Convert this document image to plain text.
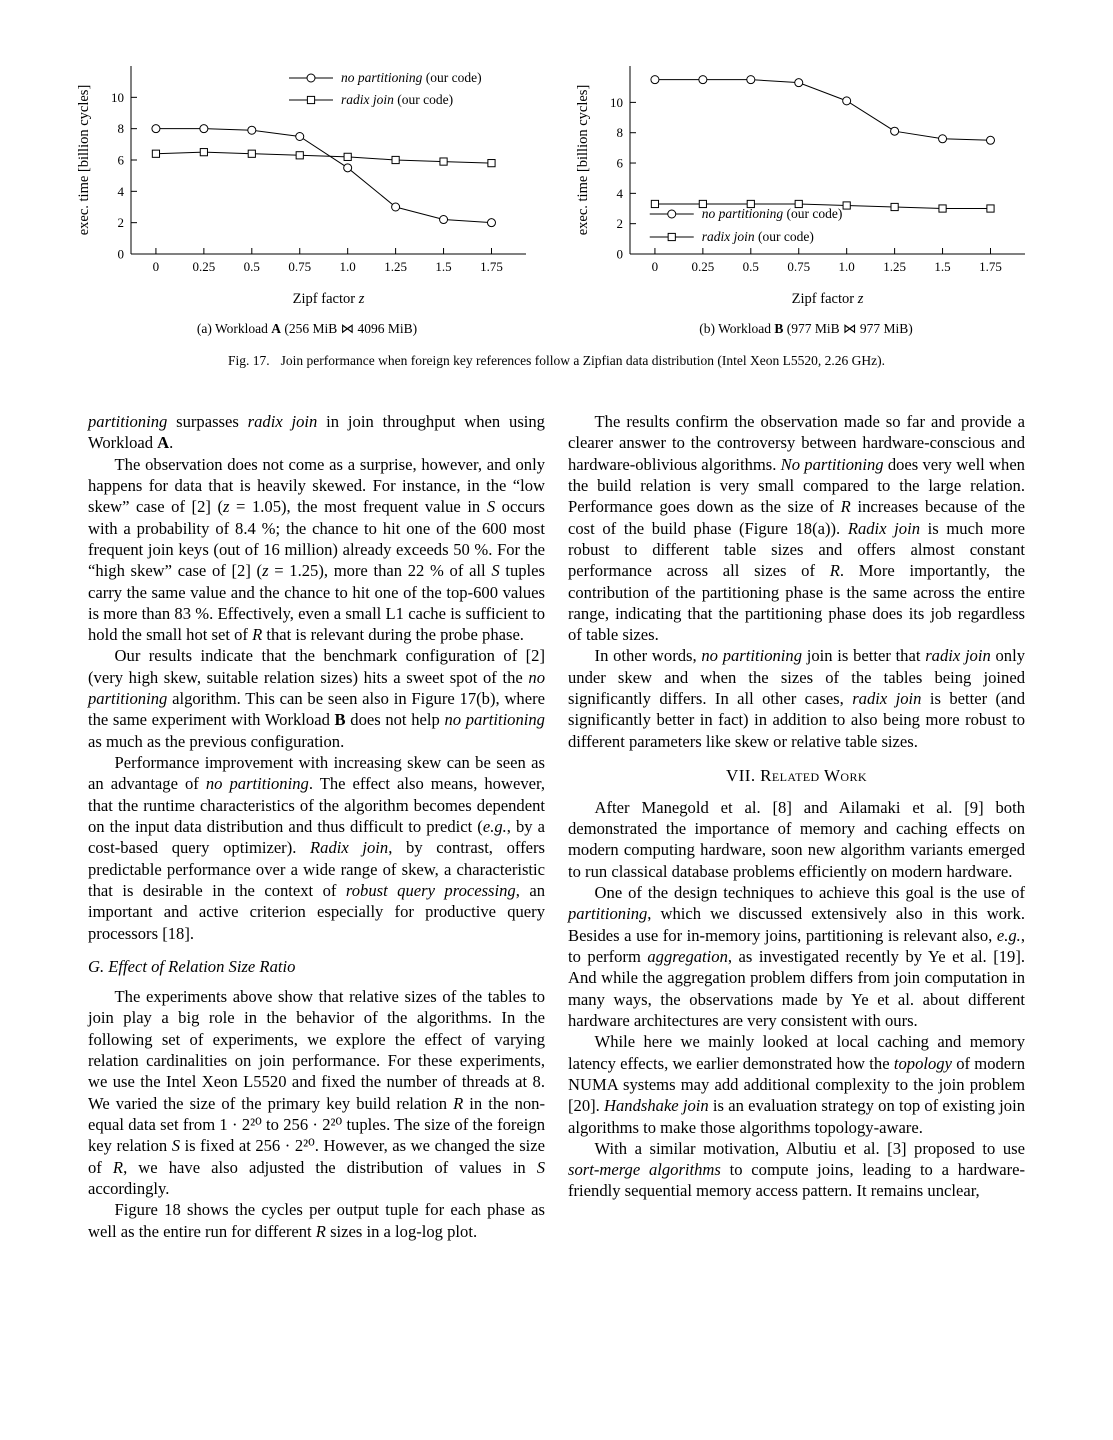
0
2
4
6
8
10
0	0.25 0.5 0.75 1.0 1.25 1.5 1.75
no partitioning (our code)
radix join (our code)
exec. time [billion cycles]
Zipf factor z
(a) Workload A (256 MiB ⋈ 4096 MiB)
0
2
4
6
8
10
0	0.25 0.5 0.75 1.0 1.25 1.5 1.75
no partitioning (our code)
radix join (our code)
exec. time [billion cycles]
Zipf factor z
(b) Workload B (977 MiB ⋈ 977 MiB)
Fig. 17. Join performance when foreign key references follow a Zipfian data distribution (Intel Xeon L5520, 2.26 GHz).

partitioning surpasses radix join in join throughput when using Workload A.

The observation does not come as a surprise, however, and only happens for data that is heavily skewed. For instance, in the “low skew” case of [2] (z = 1.05), the most frequent value in S occurs with a probability of 8.4 %; the chance to hit one of the 600 most frequent join keys (out of 16 million) already exceeds 50 %. For the “high skew” case of [2] (z = 1.25), more than 22 % of all S tuples carry the same value and the chance to hit one of the top-600 values is more than 83 %. Effectively, even a small L1 cache is sufficient to hold the small hot set of R that is relevant during the probe phase.

Our results indicate that the benchmark configuration of [2] (very high skew, suitable relation sizes) hits a sweet spot of the no partitioning algorithm. This can be seen also in Figure 17(b), where the same experiment with Workload B does not help no partitioning as much as the previous configuration.

Performance improvement with increasing skew can be seen as an advantage of no partitioning. The effect also means, however, that the runtime characteristics of the algorithm becomes dependent on the input data distribution and thus difficult to predict (e.g., by a cost-based query optimizer). Radix join, by contrast, offers predictable performance over a wide range of skew, a characteristic that is desirable in the context of robust query processing, an important and active criterion especially for productive query processors [18].

G. Effect of Relation Size Ratio

The experiments above show that relative sizes of the tables to join play a big role in the behavior of the algorithms. In the following set of experiments, we explore the effect of varying relation cardinalities on join performance. For these experiments, we use the Intel Xeon L5520 and fixed the number of threads at 8. We varied the size of the primary key build relation R in the non-equal data set from 1 · 2²⁰ to 256 · 2²⁰ tuples. The size of the foreign key relation S is fixed at 256 · 2²⁰. However, as we changed the size of R, we have also adjusted the distribution of values in S accordingly.

Figure 18 shows the cycles per output tuple for each phase as well as the entire run for different R sizes in a log-log plot.

The results confirm the observation made so far and provide a clearer answer to the controversy between hardware-conscious and hardware-oblivious algorithms. No partitioning does very well when the build relation is very small compared to the large relation. Performance goes down as the size of R increases because of the cost of the build phase (Figure 18(a)). Radix join is much more robust to different table sizes and offers almost constant performance across all sizes of R. More importantly, the contribution of the partitioning phase is the same across the entire range, indicating that the partitioning phase does its job regardless of table sizes.

In other words, no partitioning join is better that radix join only under skew and when the sizes of the tables being joined significantly differs. In all other cases, radix join is better (and significantly better in fact) in addition to also being more robust to different parameters like skew or relative table sizes.

VII. Related Work

After Manegold et al. [8] and Ailamaki et al. [9] both demonstrated the importance of memory and caching effects on modern computing hardware, soon new algorithm variants emerged to run classical database problems efficiently on modern hardware.

One of the design techniques to achieve this goal is the use of partitioning, which we discussed extensively also in this work. Besides a use for in-memory joins, partitioning is relevant also, e.g., to perform aggregation, as investigated recently by Ye et al. [19]. And while the aggregation problem differs from join computation in many ways, the observations made by Ye et al. about different hardware architectures are very consistent with ours.

While here we mainly looked at local caching and memory latency effects, we earlier demonstrated how the topology of modern NUMA systems may add additional complexity to the join problem [20]. Handshake join is an evaluation strategy on top of existing join algorithms to make those algorithms topology-aware.

With a similar motivation, Albutiu et al. [3] proposed to use sort-merge algorithms to compute joins, leading to a hardware-friendly sequential memory access pattern. It remains unclear,
